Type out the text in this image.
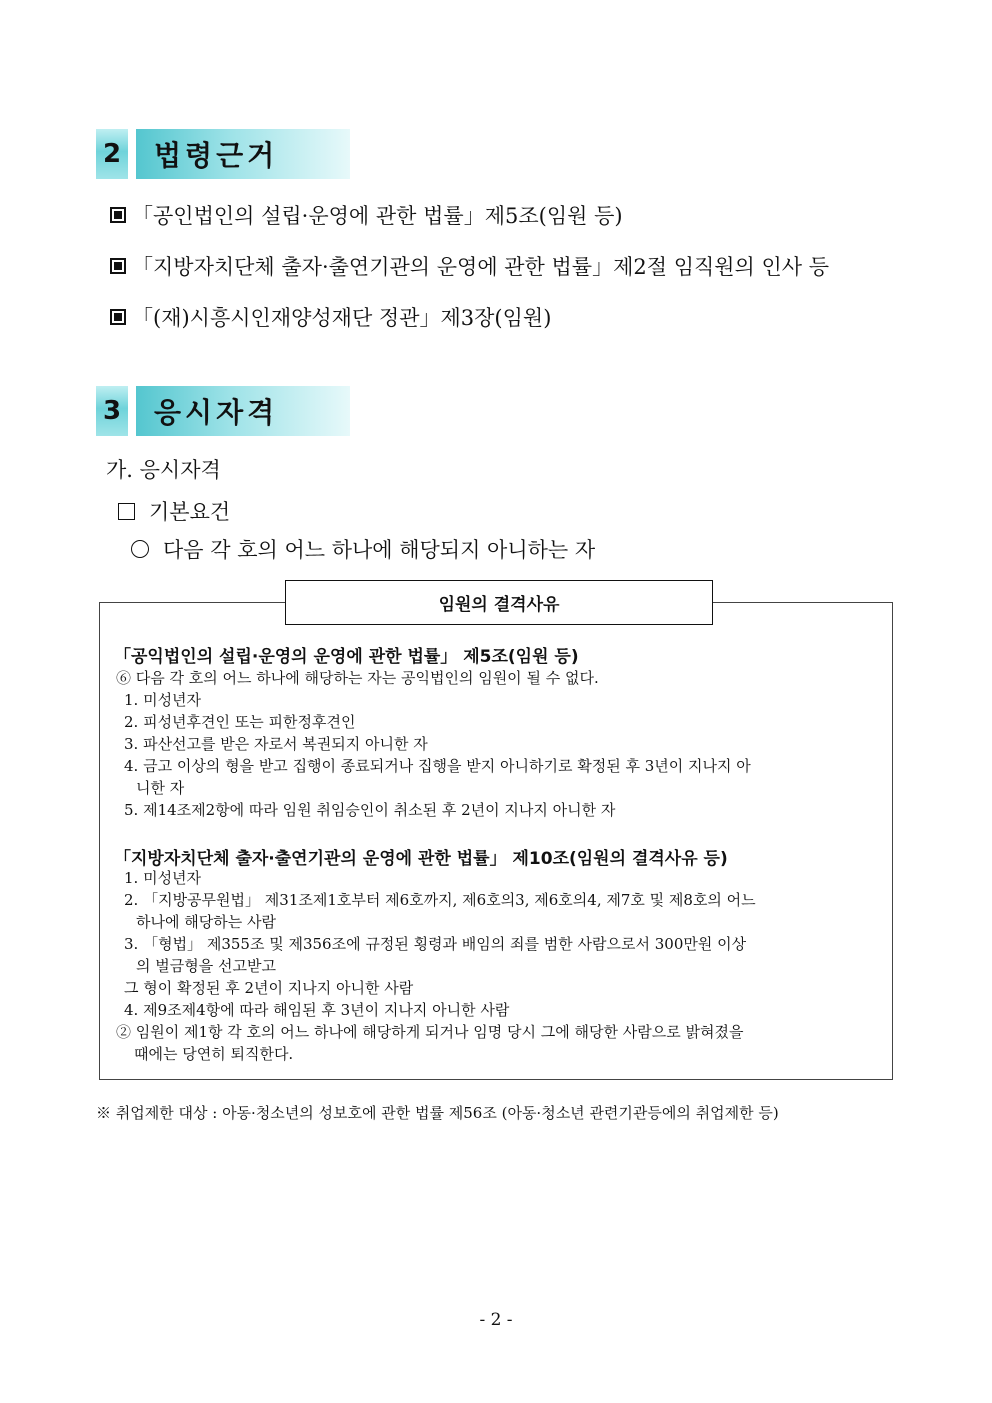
2	법령근거
「공인법인의 설립·운영에 관한 법률」제5조(임원 등)
「지방자치단체 출자·출연기관의 운영에 관한 법률」제2절 임직원의 인사 등
「(재)시흥시인재양성재단 정관」제3장(임원)
3	응시자격
가. 응시자격
기본요건
다음 각 호의 어느 하나에 해당되지 아니하는 자
임원의 결격사유
「공익법인의 설립·운영의 운영에 관한 법률」 제5조(임원 등)
⑥ 다음 각 호의 어느 하나에 해당하는 자는 공익법인의 임원이 될 수 없다.
1. 미성년자
2. 피성년후견인 또는 피한정후견인
3. 파산선고를 받은 자로서 복권되지 아니한 자
4. 금고 이상의 형을 받고 집행이 종료되거나 집행을 받지 아니하기로 확정된 후 3년이 지나지 아
니한 자
5. 제14조제2항에 따라 임원 취임승인이 취소된 후 2년이 지나지 아니한 자
「지방자치단체 출자·출연기관의 운영에 관한 법률」 제10조(임원의 결격사유 등)
1. 미성년자
2. 「지방공무원법」 제31조제1호부터 제6호까지, 제6호의3, 제6호의4, 제7호 및 제8호의 어느
하나에 해당하는 사람
3. 「형법」 제355조 및 제356조에 규정된 횡령과 배임의 죄를 범한 사람으로서 300만원 이상
의 벌금형을 선고받고
그 형이 확정된 후 2년이 지나지 아니한 사람
4. 제9조제4항에 따라 해임된 후 3년이 지나지 아니한 사람
② 임원이 제1항 각 호의 어느 하나에 해당하게 되거나 임명 당시 그에 해당한 사람으로 밝혀졌을
때에는 당연히 퇴직한다.
※ 취업제한 대상 : 아동·청소년의 성보호에 관한 법률 제56조 (아동·청소년 관련기관등에의 취업제한 등)
- 2 -
